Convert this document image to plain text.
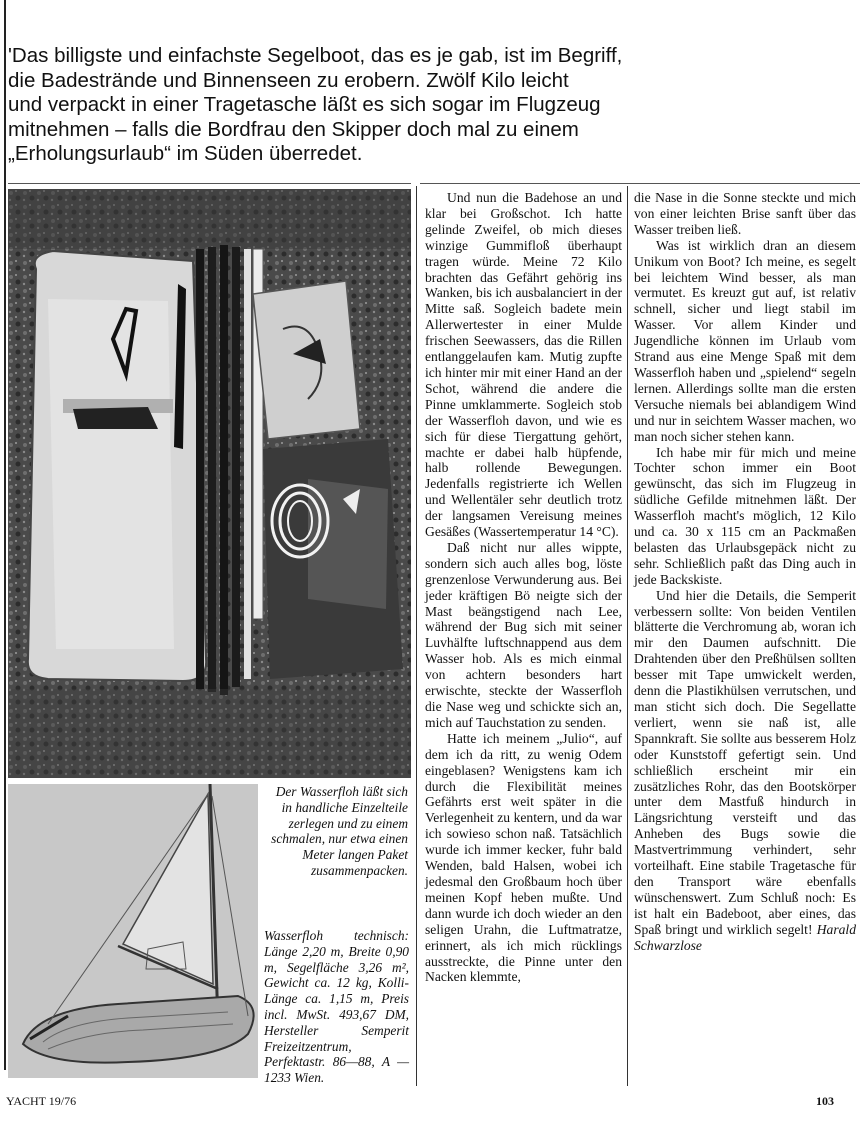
'Das billigste und einfachste Segelboot, das es je gab, ist im Begriff,
die Badestrände und Binnenseen zu erobern. Zwölf Kilo leicht
und verpackt in einer Tragetasche läßt es sich sogar im Flugzeug
mitnehmen – falls die Bordfrau den Skipper doch mal zu einem
„Erholungsurlaub“ im Süden überredet.
Der Wasserfloh läßt sich in handliche Einzelteile zerlegen und zu einem schmalen, nur etwa einen Meter langen Paket zusammenpacken.
Wasserfloh technisch: Länge 2,20 m, Breite 0,90 m, Segelfläche 3,26 m², Gewicht ca. 12 kg, Kolli-Länge ca. 1,15 m, Preis incl. MwSt. 493,67 DM, Hersteller Semperit Freizeitzentrum, Perfektastr. 86—88, A — 1233 Wien.

Und nun die Badehose an und klar bei Großschot. Ich hatte gelinde Zweifel, ob mich dieses winzige Gummifloß überhaupt tragen würde. Meine 72 Kilo brachten das Gefährt gehörig ins Wanken, bis ich ausbalanciert in der Mitte saß. Sogleich badete mein Allerwertester in einer Mulde frischen Seewassers, das die Rillen entlanggelaufen kam. Mutig zupfte ich hinter mir mit einer Hand an der Schot, während die andere die Pinne umklammerte. Sogleich stob der Wasserfloh davon, und wie es sich für diese Tiergattung gehört, machte er dabei halb hüpfende, halb rollende Bewegungen. Jedenfalls registrierte ich Wellen und Wellentäler sehr deutlich trotz der langsamen Vereisung meines Gesäßes (Wassertemperatur 14 °C).

Daß nicht nur alles wippte, sondern sich auch alles bog, löste grenzenlose Verwunderung aus. Bei jeder kräftigen Bö neigte sich der Mast beängstigend nach Lee, während der Bug sich mit seiner Luvhälfte luftschnappend aus dem Wasser hob. Als es mich einmal von achtern besonders hart erwischte, steckte der Wasserfloh die Nase weg und schickte sich an, mich auf Tauchstation zu senden.

Hatte ich meinem „Julio“, auf dem ich da ritt, zu wenig Odem eingeblasen? Wenigstens kam ich durch die Flexibilität meines Gefährts erst weit später in die Verlegenheit zu kentern, und da war ich sowieso schon naß. Tatsächlich wurde ich immer kecker, fuhr bald Wenden, bald Halsen, wobei ich jedesmal den Großbaum hoch über meinen Kopf heben mußte. Und dann wurde ich doch wieder an den seligen Urahn, die Luftmatratze, erinnert, als ich mich rücklings ausstreckte, die Pinne unter den Nacken klemmte,

die Nase in die Sonne steckte und mich von einer leichten Brise sanft über das Wasser treiben ließ.

Was ist wirklich dran an diesem Unikum von Boot? Ich meine, es segelt bei leichtem Wind besser, als man vermutet. Es kreuzt gut auf, ist relativ schnell, sicher und liegt stabil im Wasser. Vor allem Kinder und Jugendliche können im Urlaub vom Strand aus eine Menge Spaß mit dem Wasserfloh haben und „spielend“ segeln lernen. Allerdings sollte man die ersten Versuche niemals bei ablandigem Wind und nur in seichtem Wasser machen, wo man noch sicher stehen kann.

Ich habe mir für mich und meine Tochter schon immer ein Boot gewünscht, das sich im Flugzeug in südliche Gefilde mitnehmen läßt. Der Wasserfloh macht's möglich, 12 Kilo und ca. 30 x 115 cm an Packmaßen belasten das Urlaubsgepäck nicht zu sehr. Schließlich paßt das Ding auch in jede Backskiste.

Und hier die Details, die Semperit verbessern sollte: Von beiden Ventilen blätterte die Verchromung ab, woran ich mir den Daumen aufschnitt. Die Drahtenden über den Preßhülsen sollten besser mit Tape umwickelt werden, denn die Plastikhülsen verrutschen, und man sticht sich doch. Die Segellatte verliert, wenn sie naß ist, alle Spannkraft. Sie sollte aus besserem Holz oder Kunststoff gefertigt sein. Und schließlich erscheint mir ein zusätzliches Rohr, das den Bootskörper unter dem Mastfuß hindurch in Längsrichtung versteift und das Anheben des Bugs sowie die Mastvertrimmung verhindert, sehr vorteilhaft. Eine stabile Tragetasche für den Transport wäre ebenfalls wünschenswert. Zum Schluß noch: Es ist halt ein Badeboot, aber eines, das Spaß bringt und wirklich segelt! Harald Schwarzlose

YACHT 19/76	103
